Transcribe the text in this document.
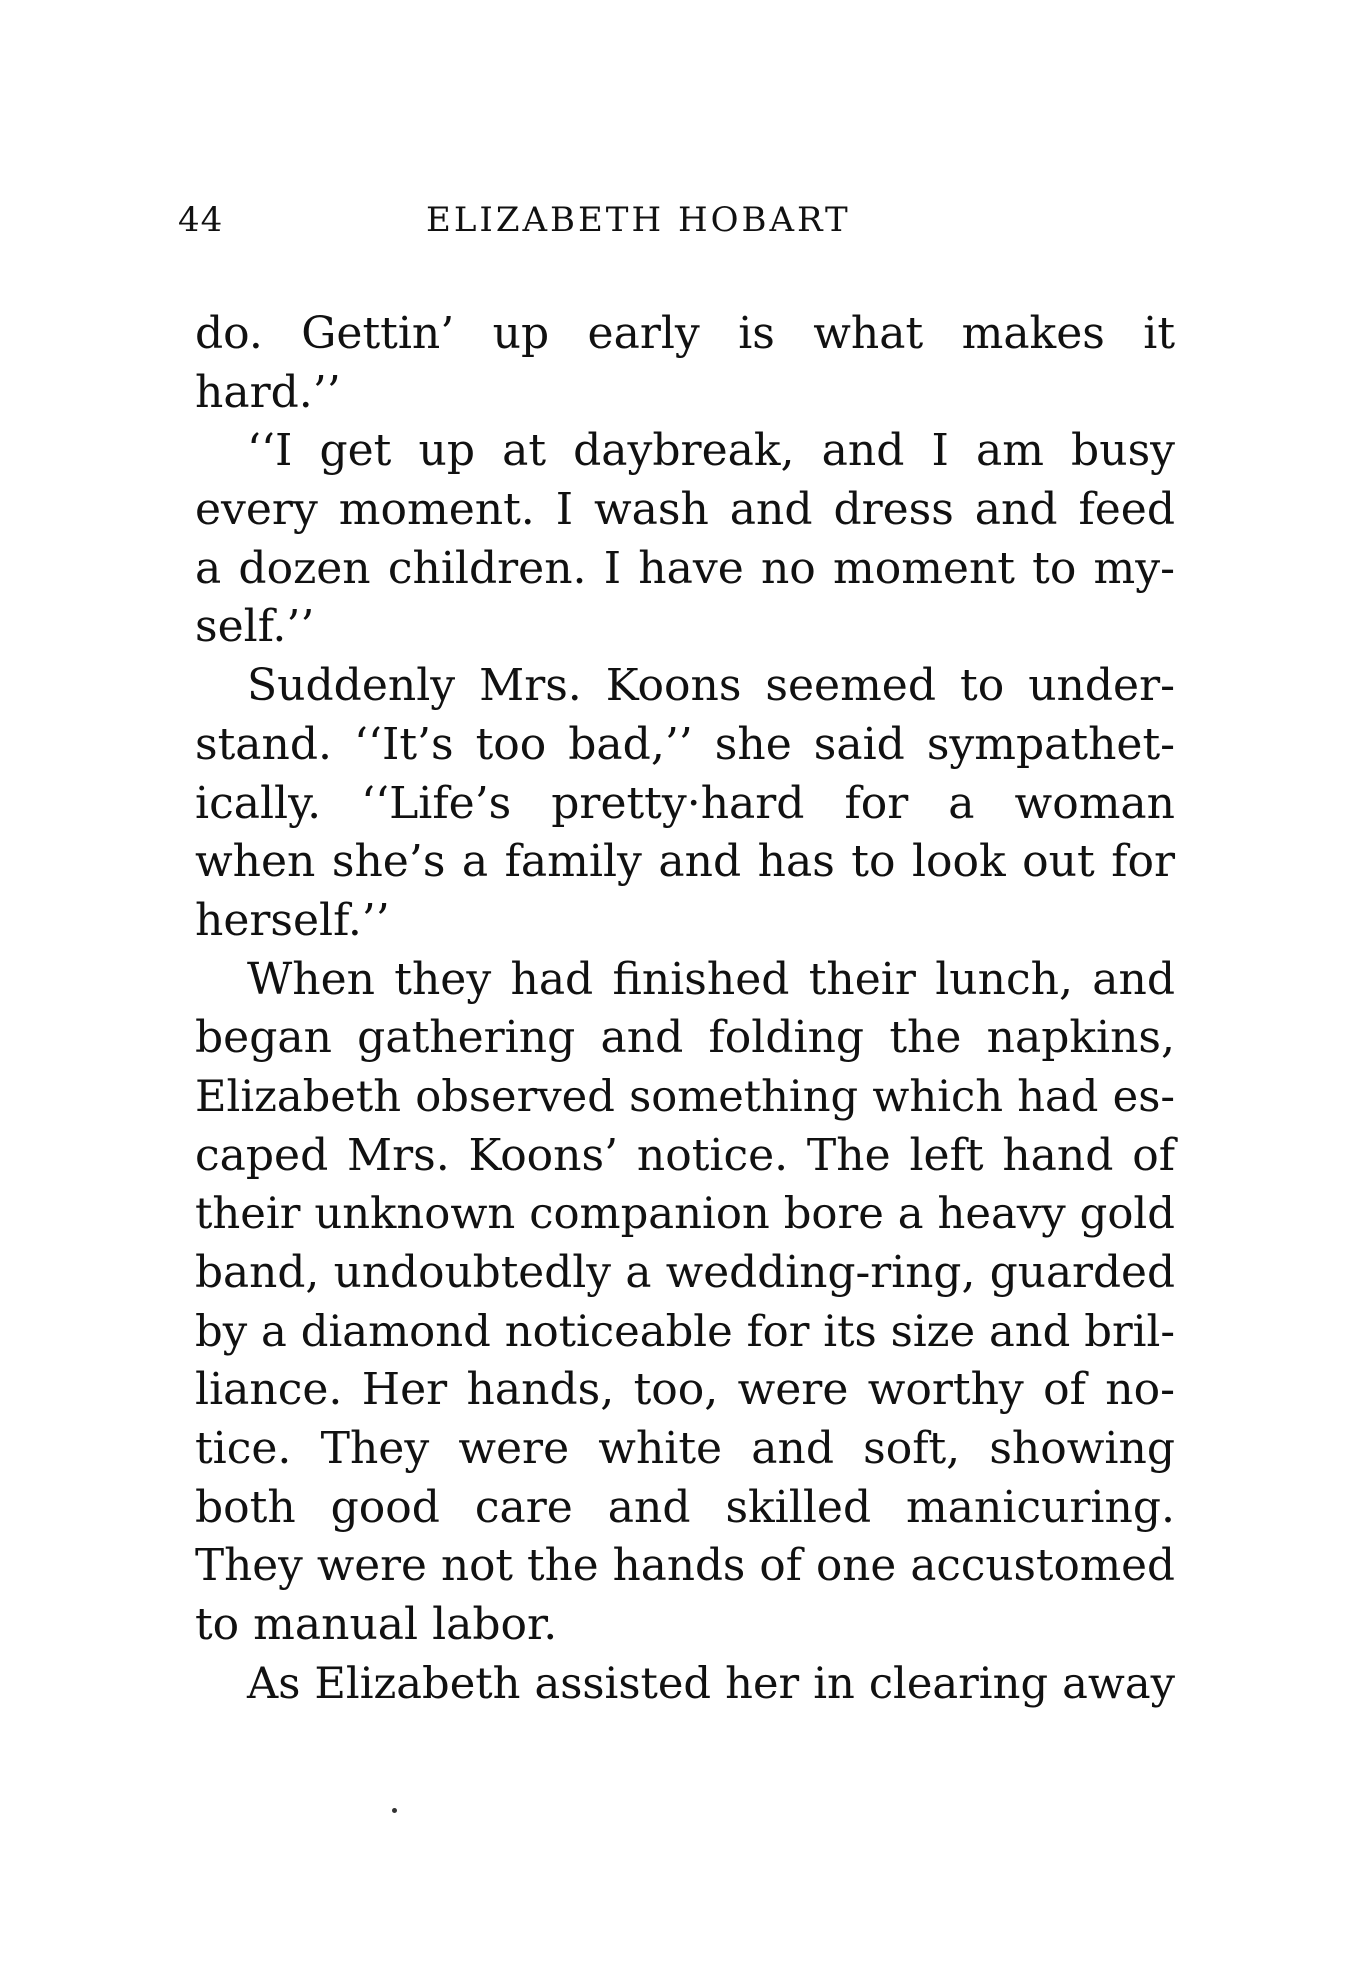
44	ELIZABETH HOBART
do. Gettin’ up early is what makes it
hard.’’
‘‘I get up at daybreak, and I am busy
every moment. I wash and dress and feed
a dozen children. I have no moment to my-
self.’’
Suddenly Mrs. Koons seemed to under-
stand. ‘‘It’s too bad,’’ she said sympathet-
ically. ‘‘Life’s pretty·hard for a woman
when she’s a family and has to look out for
herself.’’
When they had finished their lunch, and
began gathering and folding the napkins,
Elizabeth observed something which had es-
caped Mrs. Koons’ notice. The left hand of
their unknown companion bore a heavy gold
band, undoubtedly a wedding-ring, guarded
by a diamond noticeable for its size and bril-
liance. Her hands, too, were worthy of no-
tice. They were white and soft, showing
both good care and skilled manicuring.
They were not the hands of one accustomed
to manual labor.
As Elizabeth assisted her in clearing away
